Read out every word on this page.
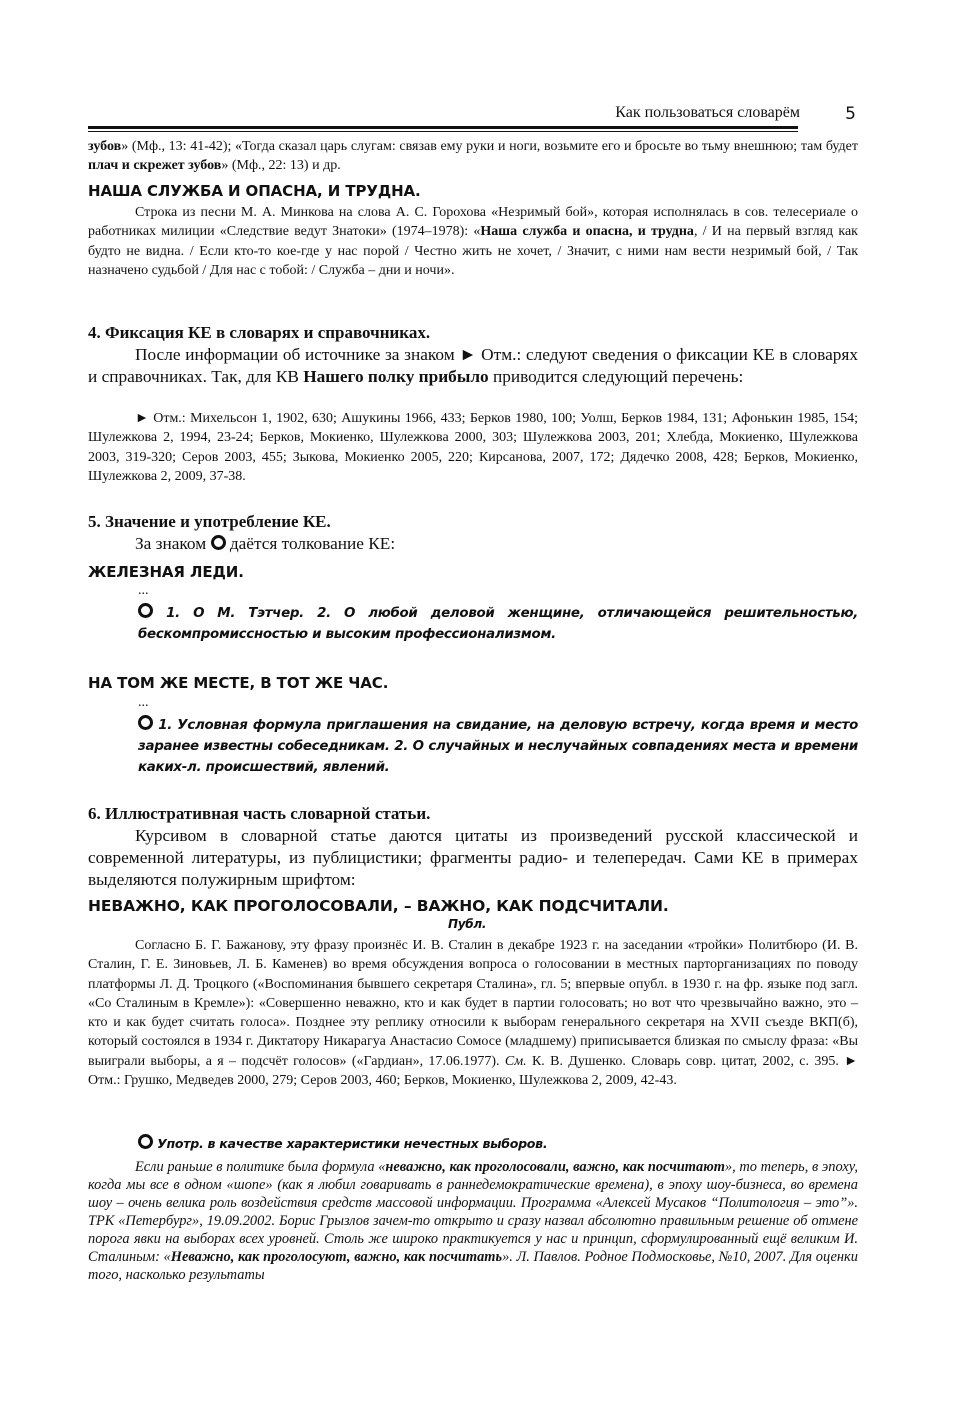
Как пользоваться словарём	5

зубов» (Мф., 13: 41-42); «Тогда сказал царь слугам: связав ему руки и ноги, возьмите его и бросьте во тьму внешнюю; там будет плач и скрежет зубов» (Мф., 22: 13) и др.

НАША СЛУЖБА И ОПАСНА, И ТРУДНА.

Строка из песни М. А. Минкова на слова А. С. Горохова «Незримый бой», которая исполнялась в сов. телесериале о работниках милиции «Следствие ведут Знатоки» (1974–1978): «Наша служба и опасна, и трудна, / И на первый взгляд как будто не видна. / Если кто-то кое-где у нас порой / Честно жить не хочет, / Значит, с ними нам вести незримый бой, / Так назначено судьбой / Для нас с тобой: / Служба – дни и ночи».

4. Фиксация КЕ в словарях и справочниках.

После информации об источнике за знаком ► Отм.: следуют сведения о фиксации КЕ в словарях и справочниках. Так, для КВ Нашего полку прибыло приводится следующий перечень:

► Отм.: Михельсон 1, 1902, 630; Ашукины 1966, 433; Берков 1980, 100; Уолш, Берков 1984, 131; Афонькин 1985, 154; Шулежкова 2, 1994, 23-24; Берков, Мокиенко, Шулежкова 2000, 303; Шулежкова 2003, 201; Хлебда, Мокиенко, Шулежкова 2003, 319-320; Серов 2003, 455; Зыкова, Мокиенко 2005, 220; Кирсанова, 2007, 172; Дядечко 2008, 428; Берков, Мокиенко, Шулежкова 2, 2009, 37-38.

5. Значение и употребление КЕ.

За знаком даётся толкование КЕ:

ЖЕЛЕЗНАЯ ЛЕДИ.
...
1. О М. Тэтчер. 2. О любой деловой женщине, отличающейся решительностью, бескомпромиссностью и высоким профессионализмом.
НА ТОМ ЖЕ МЕСТЕ, В ТОТ ЖЕ ЧАС.
...
1. Условная формула приглашения на свидание, на деловую встречу, когда время и место заранее известны собеседникам. 2. О случайных и неслучайных совпадениях места и времени каких-л. происшествий, явлений.
6. Иллюстративная часть словарной статьи.

Курсивом в словарной статье даются цитаты из произведений русской классической и современной литературы, из публицистики; фрагменты радио- и телепередач. Сами КЕ в примерах выделяются полужирным шрифтом:

НЕВАЖНО, КАК ПРОГОЛОСОВАЛИ, – ВАЖНО, КАК ПОДСЧИТАЛИ.
Публ.

Согласно Б. Г. Бажанову, эту фразу произнёс И. В. Сталин в декабре 1923 г. на заседании «тройки» Политбюро (И. В. Сталин, Г. Е. Зиновьев, Л. Б. Каменев) во время обсуждения вопроса о голосовании в местных парторганизациях по поводу платформы Л. Д. Троцкого («Воспоминания бывшего секретаря Сталина», гл. 5; впервые опубл. в 1930 г. на фр. языке под загл. «Со Сталиным в Кремле»): «Совершенно неважно, кто и как будет в партии голосовать; но вот что чрезвычайно важно, это – кто и как будет считать голоса». Позднее эту реплику относили к выборам генерального секретаря на XVII съезде ВКП(б), который состоялся в 1934 г. Диктатору Никарагуа Анастасио Сомосе (младшему) приписывается близкая по смыслу фраза: «Вы выиграли выборы, а я – подсчёт голосов» («Гардиан», 17.06.1977). См. К. В. Душенко. Словарь совр. цитат, 2002, с. 395. ► Отм.: Грушко, Медведев 2000, 279; Серов 2003, 460; Берков, Мокиенко, Шулежкова 2, 2009, 42-43.

Употр. в качестве характеристики нечестных выборов.

Если раньше в политике была формула «неважно, как проголосовали, важно, как посчитают», то теперь, в эпоху, когда мы все в одном «шопе» (как я любил говаривать в раннедемократические времена), в эпоху шоу-бизнеса, во времена шоу – очень велика роль воздействия средств массовой информации. Программа «Алексей Мусаков “Политология – это”». ТРК «Петербург», 19.09.2002. Борис Грызлов зачем-то открыто и сразу назвал абсолютно правильным решение об отмене порога явки на выборах всех уровней. Столь же широко практикуется у нас и принцип, сформулированный ещё великим И. Сталиным: «Неважно, как проголосуют, важно, как посчитать». Л. Павлов. Родное Подмосковье, №10, 2007. Для оценки того, насколько результаты
